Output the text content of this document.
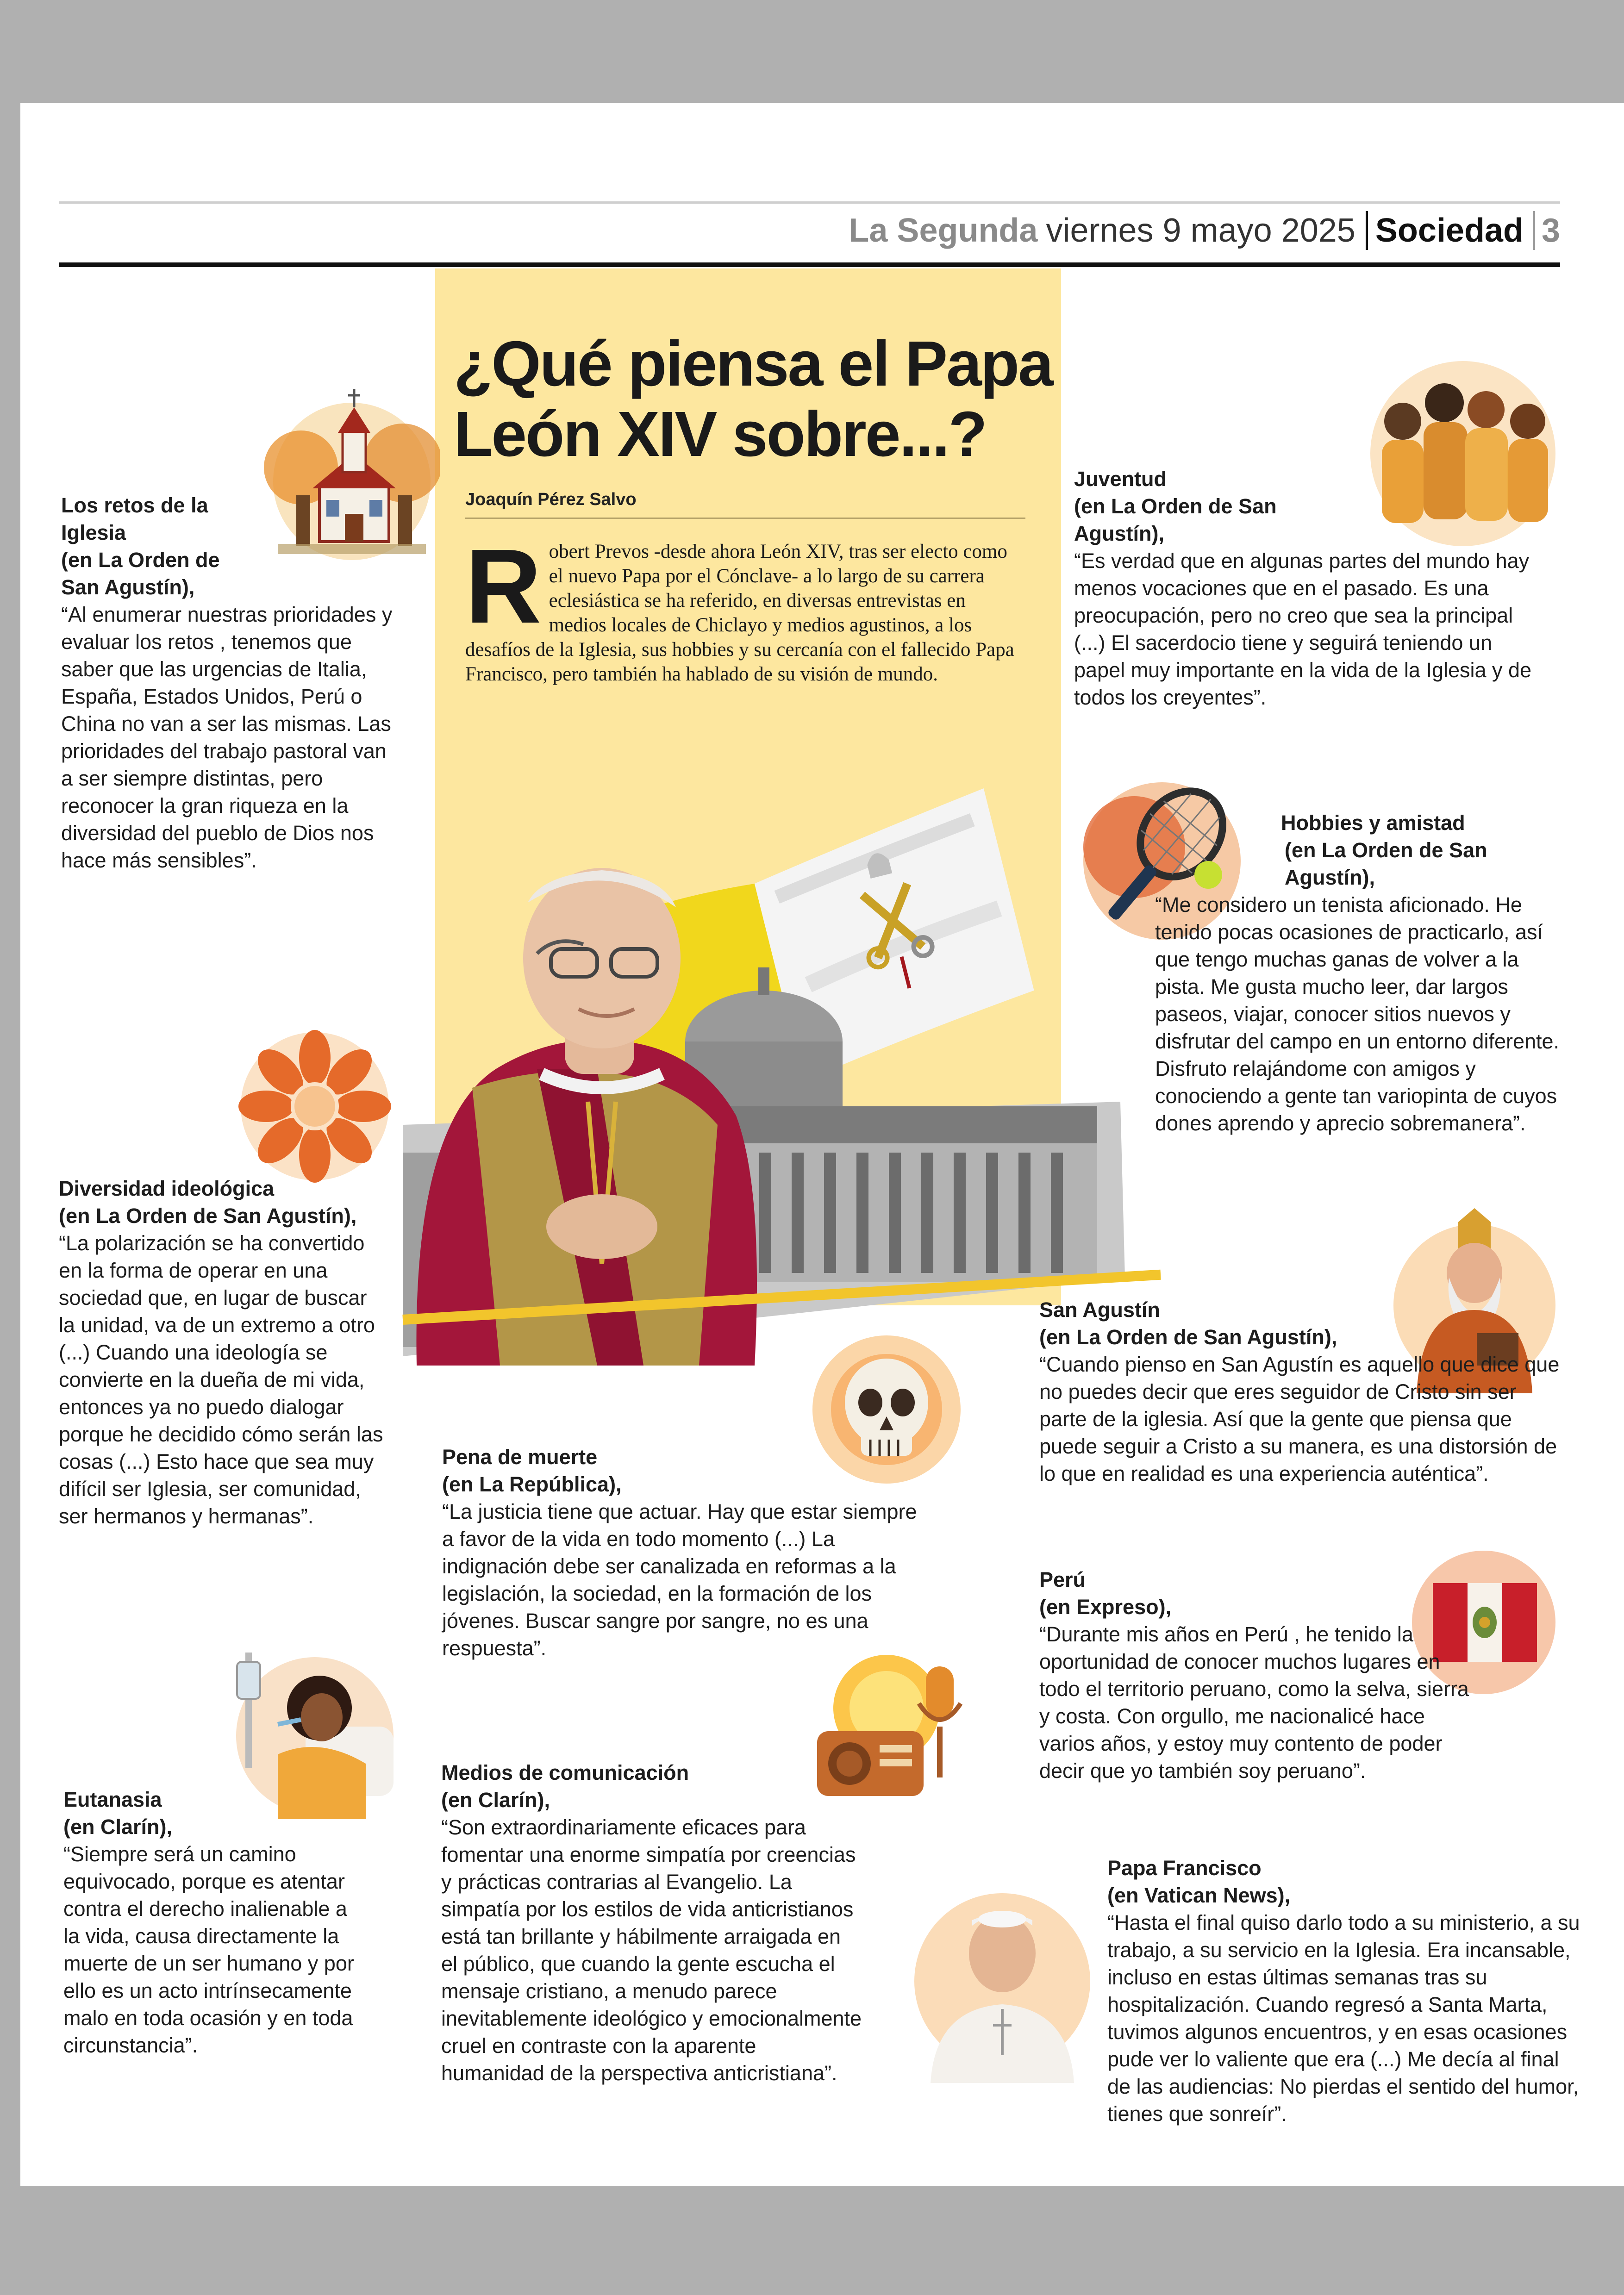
La Segunda viernes 9 mayo 2025 Sociedad 3
¿Qué piensa el Papa
León XIV sobre...?
Joaquín Pérez Salvo
Robert Prevos -desde ahora León XIV, tras ser electo como el nuevo Papa por el Cónclave- a lo largo de su carrera eclesiástica se ha referido, en diversas entrevistas en medios locales de Chiclayo y medios agustinos, a los desafíos de la Iglesia, sus hobbies y su cercanía con el fallecido Papa Francisco, pero también ha hablado de su visión de mundo.
Los retos de la Iglesia
(en La Orden de San Agustín),
“Al enumerar nuestras prioridades y evaluar los retos , tenemos que saber que las urgencias de Italia, España, Estados Unidos, Perú o China no van a ser las mismas. Las prioridades del trabajo pastoral van a ser siempre distintas, pero reconocer la gran riqueza en la diversidad del pueblo de Dios nos hace más sensibles”.
Diversidad ideológica
(en La Orden de San Agustín),
“La polarización se ha convertido en la forma de operar en una sociedad que, en lugar de buscar la unidad, va de un extremo a otro (...) Cuando una ideología se convierte en la dueña de mi vida, entonces ya no puedo dialogar porque he decidido cómo serán las cosas (...) Esto hace que sea muy difícil ser Iglesia, ser comunidad, ser hermanos y hermanas”.
Eutanasia
(en Clarín),
“Siempre será un camino equivocado, porque es atentar contra el derecho inalienable a la vida, causa directamente la muerte de un ser humano y por ello es un acto intrínsecamente malo en toda ocasión y en toda circunstancia”.
Pena de muerte
(en La República),
“La justicia tiene que actuar. Hay que estar siempre a favor de la vida en todo momento (...) La indignación debe ser canalizada en reformas a la legislación, la sociedad, en la formación de los jóvenes. Buscar sangre por sangre, no es una respuesta”.
Medios de comunicación
(en Clarín),
“Son extraordinariamente eficaces para fomentar una enorme simpatía por creencias y prácticas contrarias al Evangelio. La simpatía por los estilos de vida anticristianos está tan brillante y hábilmente arraigada en el público, que cuando la gente escucha el mensaje cristiano, a menudo parece inevitablemente ideológico y emocionalmente cruel en contraste con la aparente humanidad de la perspectiva anticristiana”.
Juventud
(en La Orden de San Agustín),
“Es verdad que en algunas partes del mundo hay menos vocaciones que en el pasado. Es una preocupación, pero no creo que sea la principal (...) El sacerdocio tiene y seguirá teniendo un papel muy importante en la vida de la Iglesia y de todos los creyentes”.
Hobbies y amistad
(en La Orden de San Agustín),
“Me considero un tenista aficionado. He tenido pocas ocasiones de practicarlo, así que tengo muchas ganas de volver a la pista. Me gusta mucho leer, dar largos paseos, viajar, conocer sitios nuevos y disfrutar del campo en un entorno diferente. Disfruto relajándome con amigos y conociendo a gente tan variopinta de cuyos dones aprendo y aprecio sobremanera”.
San Agustín
(en La Orden de San Agustín),
“Cuando pienso en San Agustín es aquello que dice que no puedes decir que eres seguidor de Cristo sin ser parte de la iglesia. Así que la gente que piensa que puede seguir a Cristo a su manera, es una distorsión de lo que en realidad es una experiencia auténtica”.
Perú
(en Expreso),
“Durante mis años en Perú , he tenido la oportunidad de conocer muchos lugares en todo el territorio peruano, como la selva, sierra y costa. Con orgullo, me nacionalicé hace varios años, y estoy muy contento de poder decir que yo también soy peruano”.
Papa Francisco
(en Vatican News),
“Hasta el final quiso darlo todo a su ministerio, a su trabajo, a su servicio en la Iglesia. Era incansable, incluso en estas últimas semanas tras su hospitalización. Cuando regresó a Santa Marta, tuvimos algunos encuentros, y en esas ocasiones pude ver lo valiente que era (...) Me decía al final de las audiencias: No pierdas el sentido del humor, tienes que sonreír”.
